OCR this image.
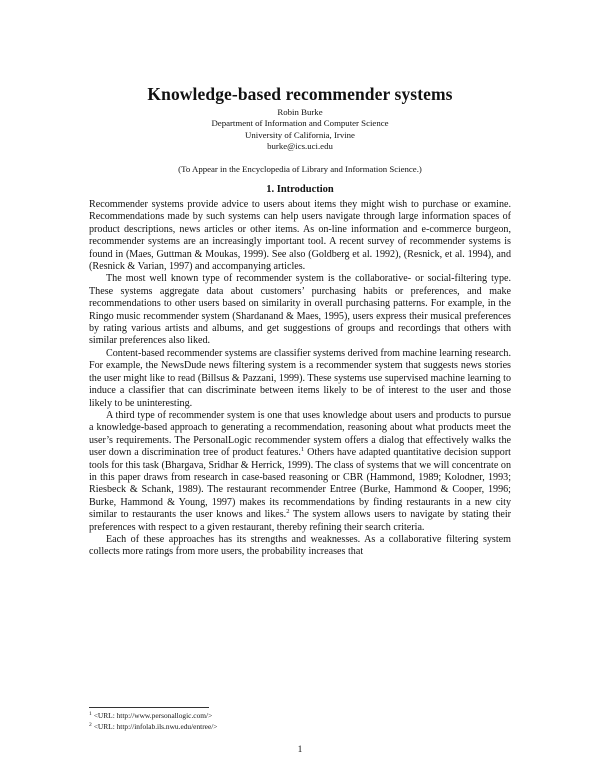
Knowledge-based recommender systems
Robin Burke
Department of Information and Computer Science
University of California, Irvine
burke@ics.uci.edu
(To Appear in the Encyclopedia of Library and Information Science.)
1. Introduction

Recommender systems provide advice to users about items they might wish to purchase or examine. Recommendations made by such systems can help users navigate through large information spaces of product descriptions, news articles or other items. As on-line information and e-commerce burgeon, recommender systems are an increasingly important tool. A recent survey of recommender systems is found in (Maes, Guttman & Moukas, 1999). See also (Goldberg et al. 1992), (Resnick, et al. 1994), and (Resnick & Varian, 1997) and accompanying articles.

The most well known type of recommender system is the collaborative- or social-filtering type. These systems aggregate data about customers’ purchasing habits or preferences, and make recommendations to other users based on similarity in overall purchasing patterns. For example, in the Ringo music recommender system (Shardanand & Maes, 1995), users express their musical preferences by rating various artists and albums, and get suggestions of groups and recordings that others with similar preferences also liked.

Content-based recommender systems are classifier systems derived from machine learning research. For example, the NewsDude news filtering system is a recommender system that suggests news stories the user might like to read (Billsus & Pazzani, 1999). These systems use supervised machine learning to induce a classifier that can discriminate between items likely to be of interest to the user and those likely to be uninteresting.

A third type of recommender system is one that uses knowledge about users and products to pursue a knowledge-based approach to generating a recommendation, reasoning about what products meet the user’s requirements. The PersonalLogic recommender system offers a dialog that effectively walks the user down a discrimination tree of product features.$^1$ Others have adapted quantitative decision support tools for this task (Bhargava, Sridhar & Herrick, 1999). The class of systems that we will concentrate on in this paper draws from research in case-based reasoning or CBR (Hammond, 1989; Kolodner, 1993; Riesbeck & Schank, 1989). The restaurant recommender Entree (Burke, Hammond & Cooper, 1996; Burke, Hammond & Young, 1997) makes its recommendations by finding restaurants in a new city similar to restaurants the user knows and likes.$^2$ The system allows users to navigate by stating their preferences with respect to a given restaurant, thereby refining their search criteria.

Each of these approaches has its strengths and weaknesses. As a collaborative filtering system collects more ratings from more users, the probability increases that

$^1$ <URL: http://www.personallogic.com/>
$^2$ <URL: http://infolab.ils.nwu.edu/entree/>
1
